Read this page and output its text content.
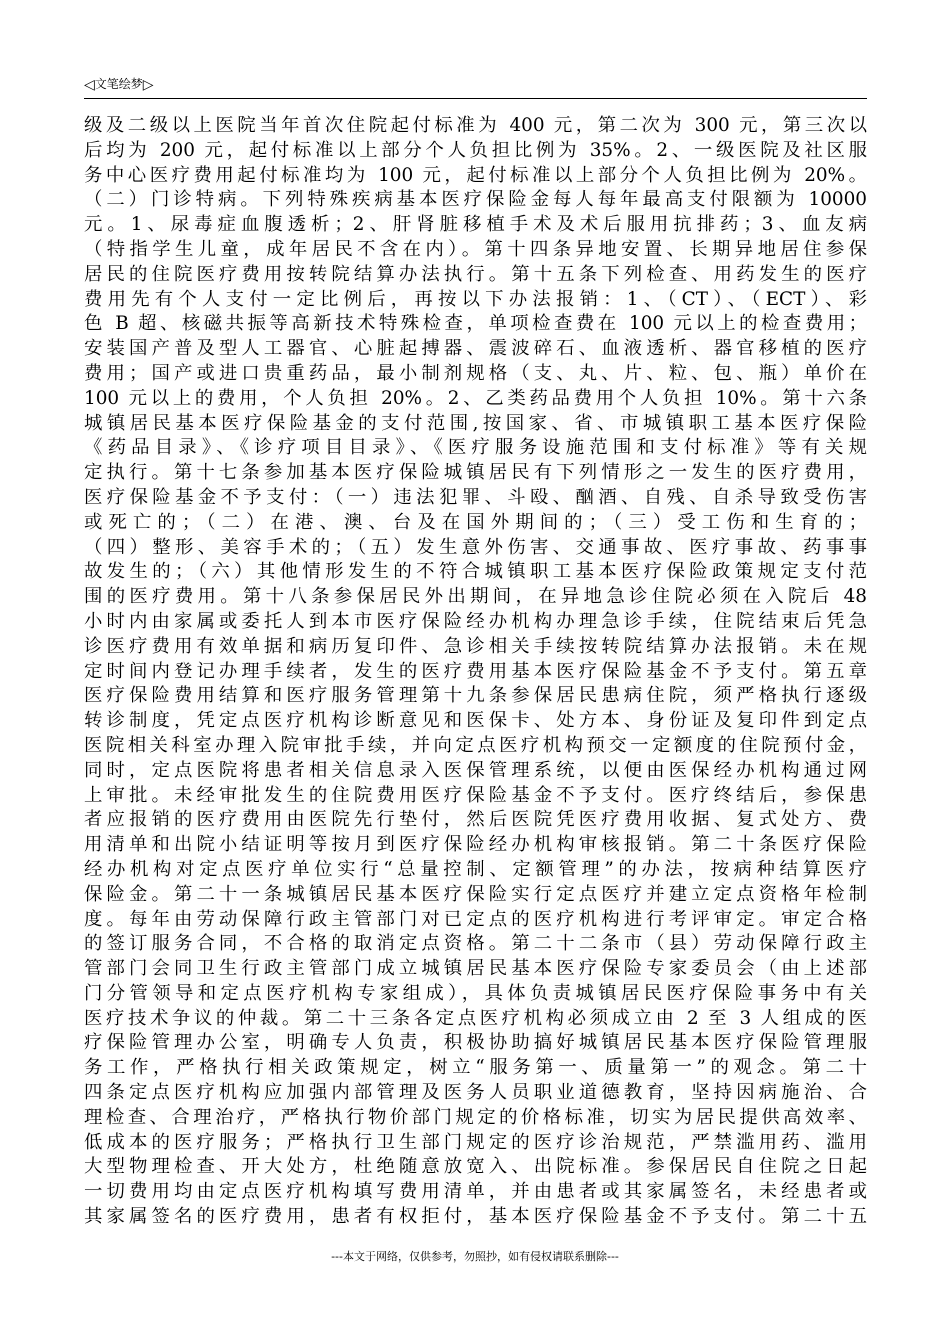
◁文笔绘梦▷
级及二级以上医院当年首次住院起付标准为 400 元，第二次为 300 元，第三次以
后均为 200 元，起付标准以上部分个人负担比例为 35%。2、一级医院及社区服
务中心医疗费用起付标准均为 100 元，起付标准以上部分个人负担比例为 20%。
（二）门诊特病。下列特殊疾病基本医疗保险金每人每年最高支付限额为 10000
元。1、尿毒症血腹透析；2、肝肾脏移植手术及术后服用抗排药；3、血友病
（特指学生儿童，成年居民不含在内）。第十四条异地安置、长期异地居住参保
居民的住院医疗费用按转院结算办法执行。第十五条下列检查、用药发生的医疗
费用先有个人支付一定比例后，再按以下办法报销：1、（CT）、（ECT）、彩
色 B 超、核磁共振等高新技术特殊检查，单项检查费在 100 元以上的检查费用；
安装国产普及型人工器官、心脏起搏器、震波碎石、血液透析、器官移植的医疗
费用；国产或进口贵重药品，最小制剂规格（支、丸、片、粒、包、瓶）单价在
100 元以上的费用，个人负担 20%。2、乙类药品费用个人负担 10%。第十六条
城镇居民基本医疗保险基金的支付范围,按国家、省、市城镇职工基本医疗保险
《药品目录》、《诊疗项目目录》、《医疗服务设施范围和支付标准》等有关规
定执行。第十七条参加基本医疗保险城镇居民有下列情形之一发生的医疗费用，
医疗保险基金不予支付：（一）违法犯罪、斗殴、酗酒、自残、自杀导致受伤害
或死亡的；（二）在港、澳、台及在国外期间的；（三）受工伤和生育的；
（四）整形、美容手术的；（五）发生意外伤害、交通事故、医疗事故、药事事
故发生的；（六）其他情形发生的不符合城镇职工基本医疗保险政策规定支付范
围的医疗费用。第十八条参保居民外出期间，在异地急诊住院必须在入院后 48
小时内由家属或委托人到本市医疗保险经办机构办理急诊手续，住院结束后凭急
诊医疗费用有效单据和病历复印件、急诊相关手续按转院结算办法报销。未在规
定时间内登记办理手续者，发生的医疗费用基本医疗保险基金不予支付。第五章
医疗保险费用结算和医疗服务管理第十九条参保居民患病住院，须严格执行逐级
转诊制度，凭定点医疗机构诊断意见和医保卡、处方本、身份证及复印件到定点
医院相关科室办理入院审批手续，并向定点医疗机构预交一定额度的住院预付金，
同时，定点医院将患者相关信息录入医保管理系统，以便由医保经办机构通过网
上审批。未经审批发生的住院费用医疗保险基金不予支付。医疗终结后，参保患
者应报销的医疗费用由医院先行垫付，然后医院凭医疗费用收据、复式处方、费
用清单和出院小结证明等按月到医疗保险经办机构审核报销。第二十条医疗保险
经办机构对定点医疗单位实行“总量控制、定额管理”的办法，按病种结算医疗
保险金。第二十一条城镇居民基本医疗保险实行定点医疗并建立定点资格年检制
度。每年由劳动保障行政主管部门对已定点的医疗机构进行考评审定。审定合格
的签订服务合同，不合格的取消定点资格。第二十二条市（县）劳动保障行政主
管部门会同卫生行政主管部门成立城镇居民基本医疗保险专家委员会（由上述部
门分管领导和定点医疗机构专家组成），具体负责城镇居民医疗保险事务中有关
医疗技术争议的仲裁。第二十三条各定点医疗机构必须成立由 2 至 3 人组成的医
疗保险管理办公室，明确专人负责，积极协助搞好城镇居民基本医疗保险管理服
务工作，严格执行相关政策规定，树立“服务第一、质量第一”的观念。第二十
四条定点医疗机构应加强内部管理及医务人员职业道德教育，坚持因病施治、合
理检查、合理治疗，严格执行物价部门规定的价格标准，切实为居民提供高效率、
低成本的医疗服务；严格执行卫生部门规定的医疗诊治规范，严禁滥用药、滥用
大型物理检查、开大处方，杜绝随意放宽入、出院标准。参保居民自住院之日起
一切费用均由定点医疗机构填写费用清单，并由患者或其家属签名，未经患者或
其家属签名的医疗费用，患者有权拒付，基本医疗保险基金不予支付。第二十五
---本文于网络，仅供参考，勿照抄，如有侵权请联系删除---
